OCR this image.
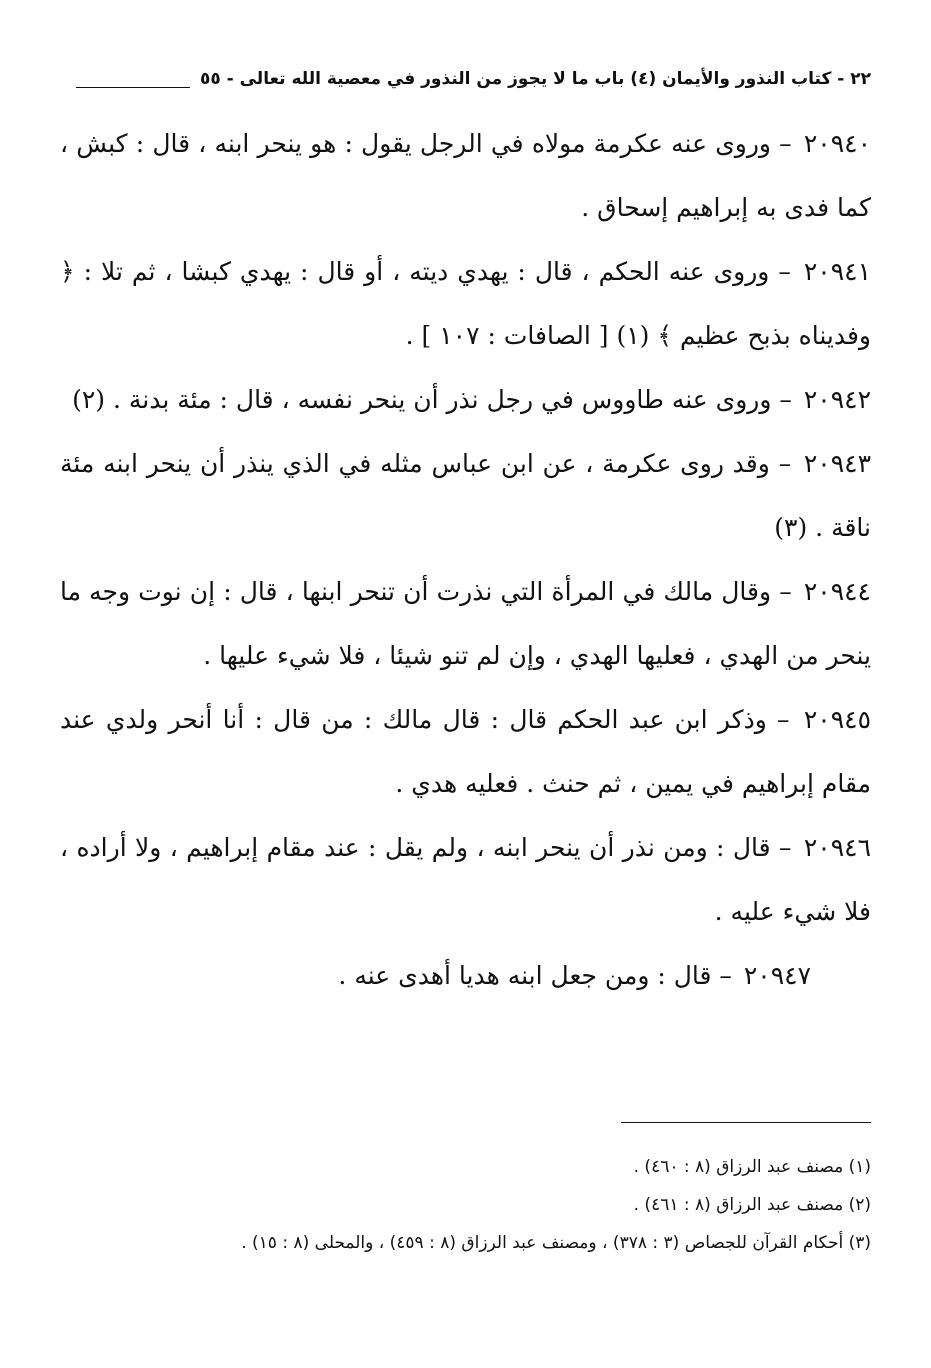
٢٢ - كتاب النذور والأيمان (٤) باب ما لا يجوز من النذور في معصية الله تعالى - ٥٥

٢٠٩٤٠ – وروى عنه عكرمة مولاه في الرجل يقول : هو ينحر ابنه ، قال : كبش ، كما فدى به إبراهيم إسحاق .

٢٠٩٤١ – وروى عنه الحكم ، قال : يهدي ديته ، أو قال : يهدي كبشا ، ثم تلا : ﴿ وفديناه بذبح عظيم ﴾ (١) [ الصافات : ١٠٧ ] .

٢٠٩٤٢ – وروى عنه طاووس في رجل نذر أن ينحر نفسه ، قال : مئة بدنة . (٢)

٢٠٩٤٣ – وقد روى عكرمة ، عن ابن عباس مثله في الذي ينذر أن ينحر ابنه مئة ناقة . (٣)

٢٠٩٤٤ – وقال مالك في المرأة التي نذرت أن تنحر ابنها ، قال : إن نوت وجه ما ينحر من الهدي ، فعليها الهدي ، وإن لم تنو شيئا ، فلا شيء عليها .

٢٠٩٤٥ – وذكر ابن عبد الحكم قال : قال مالك : من قال : أنا أنحر ولدي عند مقام إبراهيم في يمين ، ثم حنث . فعليه هدي .

٢٠٩٤٦ – قال : ومن نذر أن ينحر ابنه ، ولم يقل : عند مقام إبراهيم ، ولا أراده ، فلا شيء عليه .

٢٠٩٤٧ – قال : ومن جعل ابنه هديا أهدى عنه .

(١) مصنف عبد الرزاق (٨ : ٤٦٠) .

(٢) مصنف عبد الرزاق (٨ : ٤٦١) .

(٣) أحكام القرآن للجصاص (٣ : ٣٧٨) ، ومصنف عبد الرزاق (٨ : ٤٥٩) ، والمحلى (٨ : ١٥) .
